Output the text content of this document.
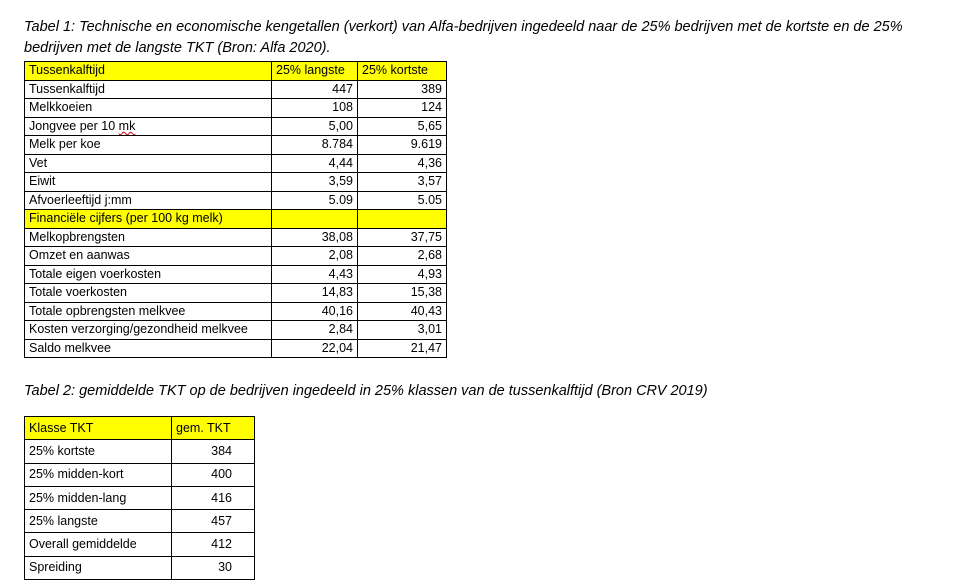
Tabel 1: Technische en economische kengetallen (verkort) van Alfa-bedrijven ingedeeld naar de 25% bedrijven met de kortste en de 25% bedrijven met de langste TKT (Bron: Alfa 2020).

Tussenkalftijd	25% langste	25% kortste
Tussenkalftijd	447	389
Melkkoeien	108	124
Jongvee per 10 mk	5,00	5,65
Melk per koe	8.784	9.619
Vet	4,44	4,36
Eiwit	3,59	3,57
Afvoerleeftijd j:mm	5.09	5.05
Financiële cijfers (per 100 kg melk)		
Melkopbrengsten	38,08	37,75
Omzet en aanwas	2,08	2,68
Totale eigen voerkosten	4,43	4,93
Totale voerkosten	14,83	15,38
Totale opbrengsten melkvee	40,16	40,43
Kosten verzorging/gezondheid melkvee	2,84	3,01
Saldo melkvee	22,04	21,47

Tabel 2: gemiddelde TKT op de bedrijven ingedeeld in 25% klassen van de tussenkalftijd (Bron CRV 2019)

Klasse TKT	gem. TKT
25% kortste	384
25% midden-kort	400
25% midden-lang	416
25% langste	457
Overall gemiddelde	412
Spreiding	30
